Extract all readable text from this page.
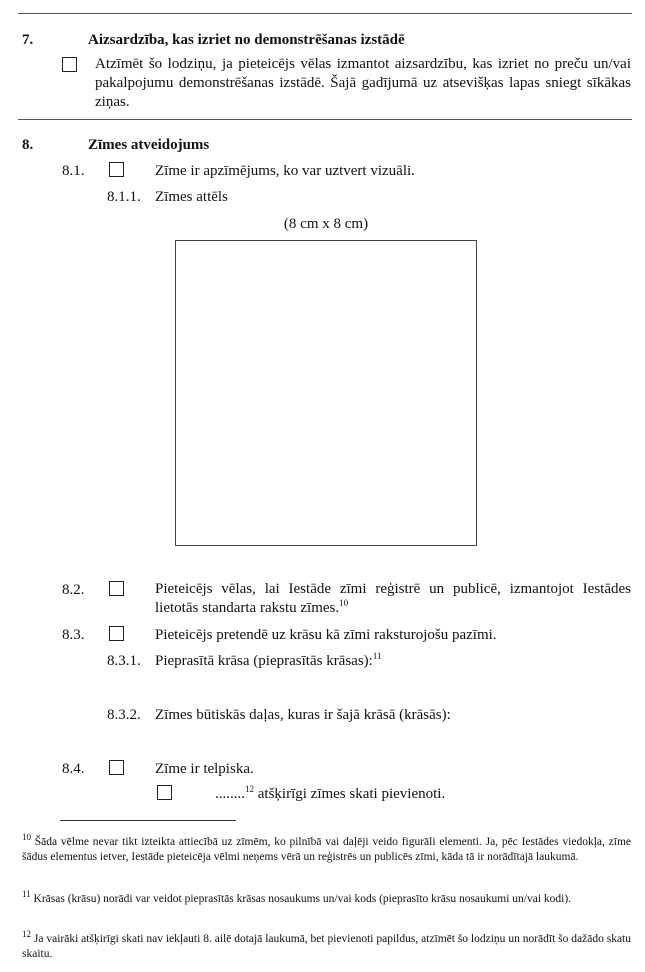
7.	Aizsardzība, kas izriet no demonstrēšanas izstādē
Atzīmēt šo lodziņu, ja pieteicējs vēlas izmantot aizsardzību, kas izriet no preču un/vai pakalpojumu demonstrēšanas izstādē. Šajā gadījumā uz atsevišķas lapas sniegt sīkākas ziņas.
8.	Zīmes atveidojums
8.1.	Zīme ir apzīmējums, ko var uztvert vizuāli.
8.1.1. Zīmes attēls
(8 cm x 8 cm)
8.2.	Pieteicējs vēlas, lai Iestāde zīmi reģistrē un publicē, izmantojot Iestādes lietotās standarta rakstu zīmes.$^{10}$
8.3.	Pieteicējs pretendē uz krāsu kā zīmi raksturojošu pazīmi.
8.3.1. Pieprasītā krāsa (pieprasītās krāsas):$^{11}$
8.3.2. Zīmes būtiskās daļas, kuras ir šajā krāsā (krāsās):
8.4.	Zīme ir telpiska.
........$^{12}$ atšķirīgi zīmes skati pievienoti.
$^{10}$ Šāda vēlme nevar tikt izteikta attiecībā uz zīmēm, ko pilnībā vai daļēji veido figurāli elementi. Ja, pēc Iestādes viedokļa, zīme šādus elementus ietver, Iestāde pieteicēja vēlmi neņems vērā un reģistrēs un publicēs zīmi, kāda tā ir norādītajā laukumā.
$^{11}$ Krāsas (krāsu) norādi var veidot pieprasītās krāsas nosaukums un/vai kods (pieprasīto krāsu nosaukumi un/vai kodi).
$^{12}$ Ja vairāki atšķirīgi skati nav iekļauti 8. ailē dotajā laukumā, bet pievienoti papildus, atzīmēt šo lodziņu un norādīt šo dažādo skatu skaitu.
